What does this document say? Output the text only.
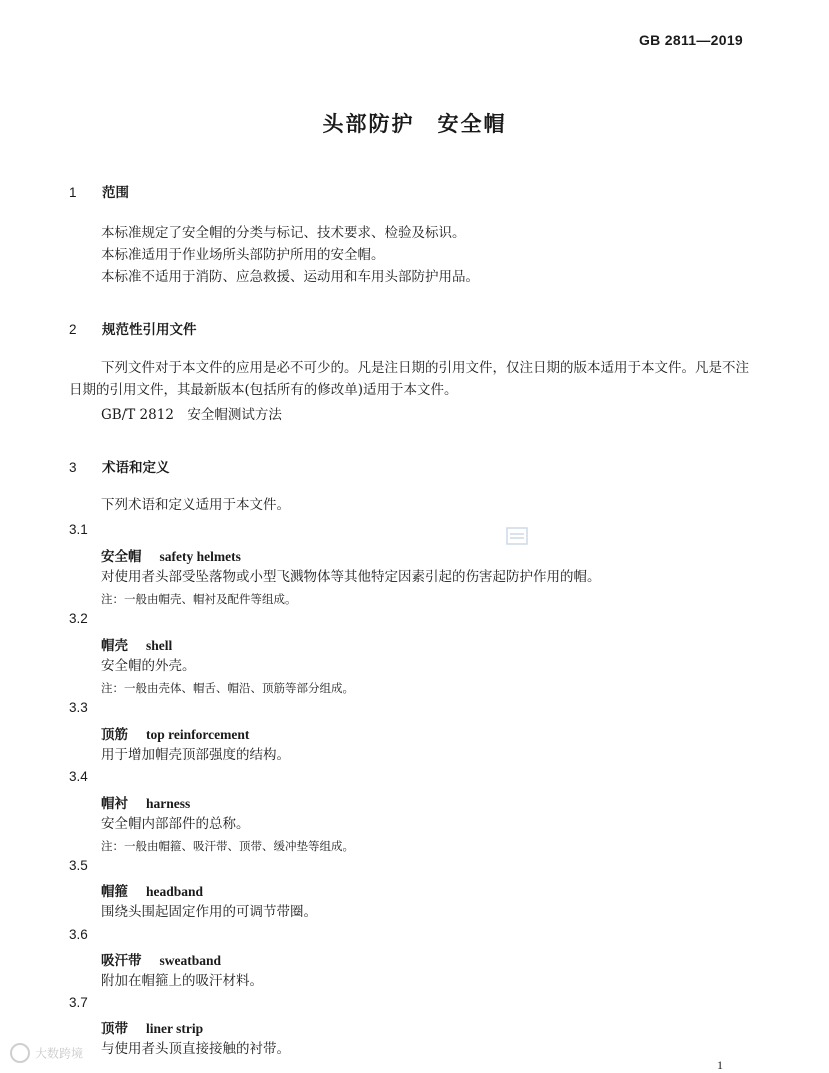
GB 2811—2019
头部防护　安全帽
1 范围
本标准规定了安全帽的分类与标记、技术要求、检验及标识。
本标准适用于作业场所头部防护所用的安全帽。
本标准不适用于消防、应急救援、运动用和车用头部防护用品。
2 规范性引用文件
下列文件对于本文件的应用是必不可少的。凡是注日期的引用文件，仅注日期的版本适用于本文件。凡是不注日期的引用文件，其最新版本(包括所有的修改单)适用于本文件。
GB/T 2812　安全帽测试方法
3 术语和定义
下列术语和定义适用于本文件。
3.1
安全帽 safety helmets
对使用者头部受坠落物或小型飞溅物体等其他特定因素引起的伤害起防护作用的帽。
注：一般由帽壳、帽衬及配件等组成。
3.2
帽壳 shell
安全帽的外壳。
注：一般由壳体、帽舌、帽沿、顶筋等部分组成。
3.3
顶筋 top reinforcement
用于增加帽壳顶部强度的结构。
3.4
帽衬 harness
安全帽内部部件的总称。
注：一般由帽箍、吸汗带、顶带、缓冲垫等组成。
3.5
帽箍 headband
围绕头围起固定作用的可调节带圈。
3.6
吸汗带 sweatband
附加在帽箍上的吸汗材料。
3.7
顶带 liner strip
与使用者头顶直接接触的衬带。
大数跨境
1
